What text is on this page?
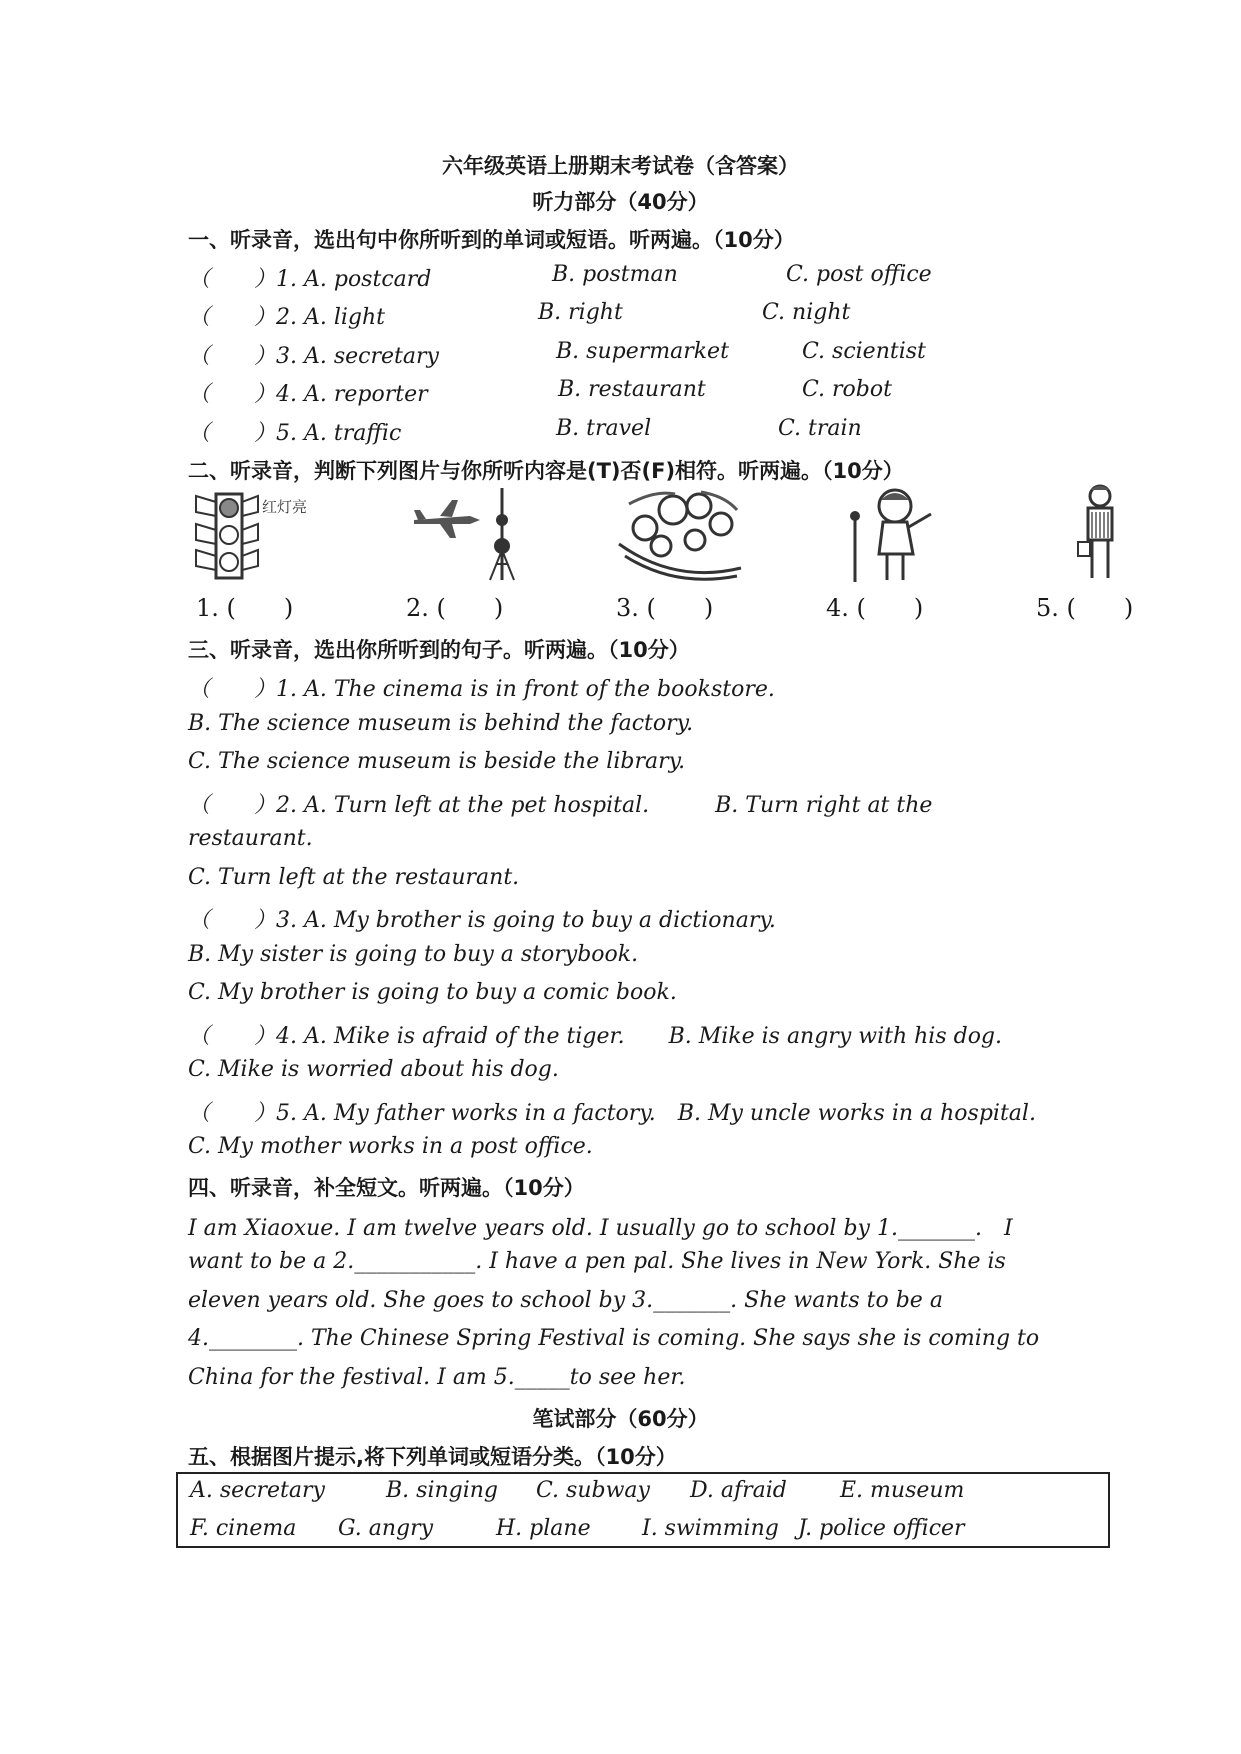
六年级英语上册期末考试卷（含答案）
听力部分（40分）
一、听录音，选出句中你所听到的单词或短语。听两遍。（10分）
（　　）1. A. postcard	B. postman	C. post office
（　　）2. A. light	B. right	C. night
（　　）3. A. secretary	B. supermarket	C. scientist
（　　）4. A. reporter	B. restaurant	C. robot
（　　）5. A. traffic	B. travel	C. train
二、听录音，判断下列图片与你所听内容是(T)否(F)相符。听两遍。（10分）
红灯亮
1. (　　)	2. (　　)	3. (　　)	4. (　　)	5. (　　)
三、听录音，选出你所听到的句子。听两遍。（10分）
（　　）1. A. The cinema is in front of the bookstore.
B. The science museum is behind the factory.
C. The science museum is beside the library.
（　　）2. A. Turn left at the pet hospital.　　　B. Turn right at the
restaurant.
C. Turn left at the restaurant.
（　　）3. A. My brother is going to buy a dictionary.
B. My sister is going to buy a storybook.
C. My brother is going to buy a comic book.
（　　）4. A. Mike is afraid of the tiger.　　B. Mike is angry with his dog.
C. Mike is worried about his dog.
（　　）5. A. My father works in a factory.　B. My uncle works in a hospital.
C. My mother works in a post office.
四、听录音，补全短文。听两遍。（10分）
I am Xiaoxue. I am twelve years old. I usually go to school by 1._______.　I
want to be a 2.___________. I have a pen pal. She lives in New York. She is
eleven years old. She goes to school by 3._______. She wants to be a
4.________. The Chinese Spring Festival is coming. She says she is coming to
China for the festival. I am 5._____to see her.
笔试部分（60分）
五、根据图片提示,将下列单词或短语分类。（10分）
A. secretary	B. singing C. subway D. afraid E. museum
F. cinema G. angry	H. plane I. swimming J. police officer
